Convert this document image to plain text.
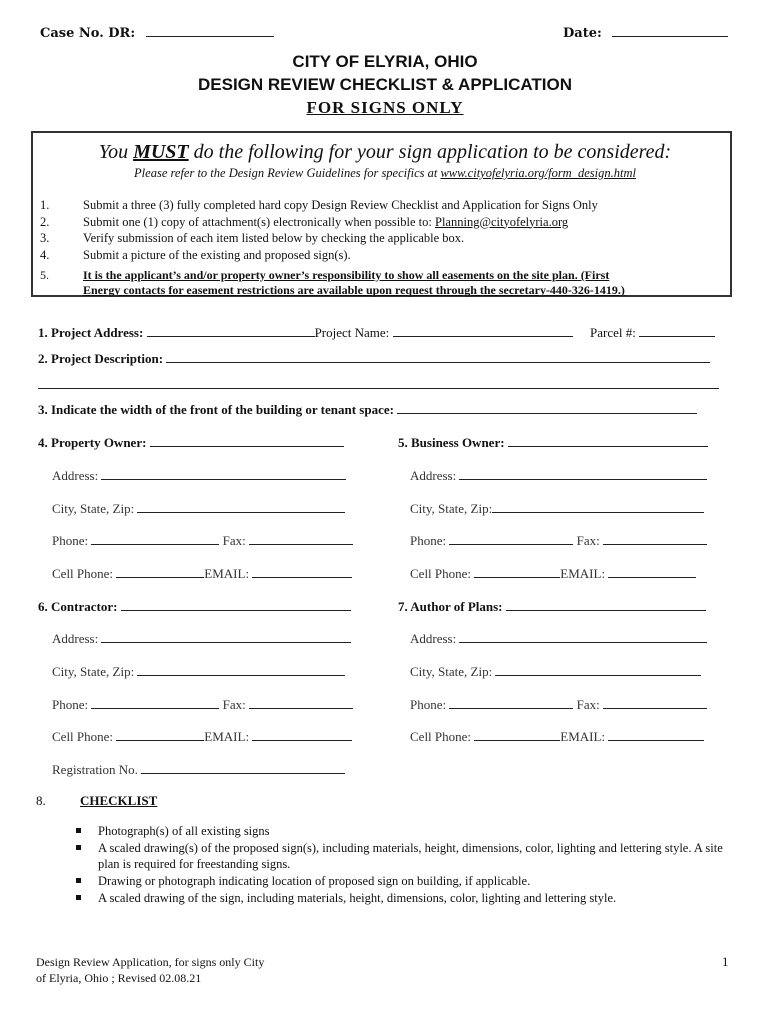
Case No. DR:	Date:
CITY OF ELYRIA, OHIO
DESIGN REVIEW CHECKLIST & APPLICATION
FOR SIGNS ONLY
You MUST do the following for your sign application to be considered:
Please refer to the Design Review Guidelines for specifics at www.cityofelyria.org/form_design.html
1.	Submit a three (3) fully completed hard copy Design Review Checklist and Application for Signs Only
2.	Submit one (1) copy of attachment(s) electronically when possible to: Planning@cityofelyria.org
3.	Verify submission of each item listed below by checking the applicable box.
4.	Submit a picture of the existing and proposed sign(s).
5.	It is the applicant’s and/or property owner’s responsibility to show all easements on the site plan. (First
Energy contacts for easement restrictions are available upon request through the secretary-440-326-1419.)
1. Project Address:	Project Name:	Parcel #:
2. Project Description:
3. Indicate the width of the front of the building or tenant space:
4. Property Owner:
Address:
City, State, Zip:
Phone:	Fax:
Cell Phone:	EMAIL:
6. Contractor:
Address:
City, State, Zip:
Phone:	Fax:
Cell Phone:	EMAIL:
Registration No.
5. Business Owner:
Address:
City, State, Zip:
Phone:	Fax:
Cell Phone:	EMAIL:
7. Author of Plans:
Address:
City, State, Zip:
Phone:	Fax:
Cell Phone:	EMAIL:
8.	CHECKLIST
Photograph(s) of all existing signs
A scaled drawing(s) of the proposed sign(s), including materials, height, dimensions, color, lighting and lettering style. A site plan is required for freestanding signs.
Drawing or photograph indicating location of proposed sign on building, if applicable.
A scaled drawing of the sign, including materials, height, dimensions, color, lighting and lettering style.
Design Review Application, for signs only City
of Elyria, Ohio ; Revised 02.08.21
1
